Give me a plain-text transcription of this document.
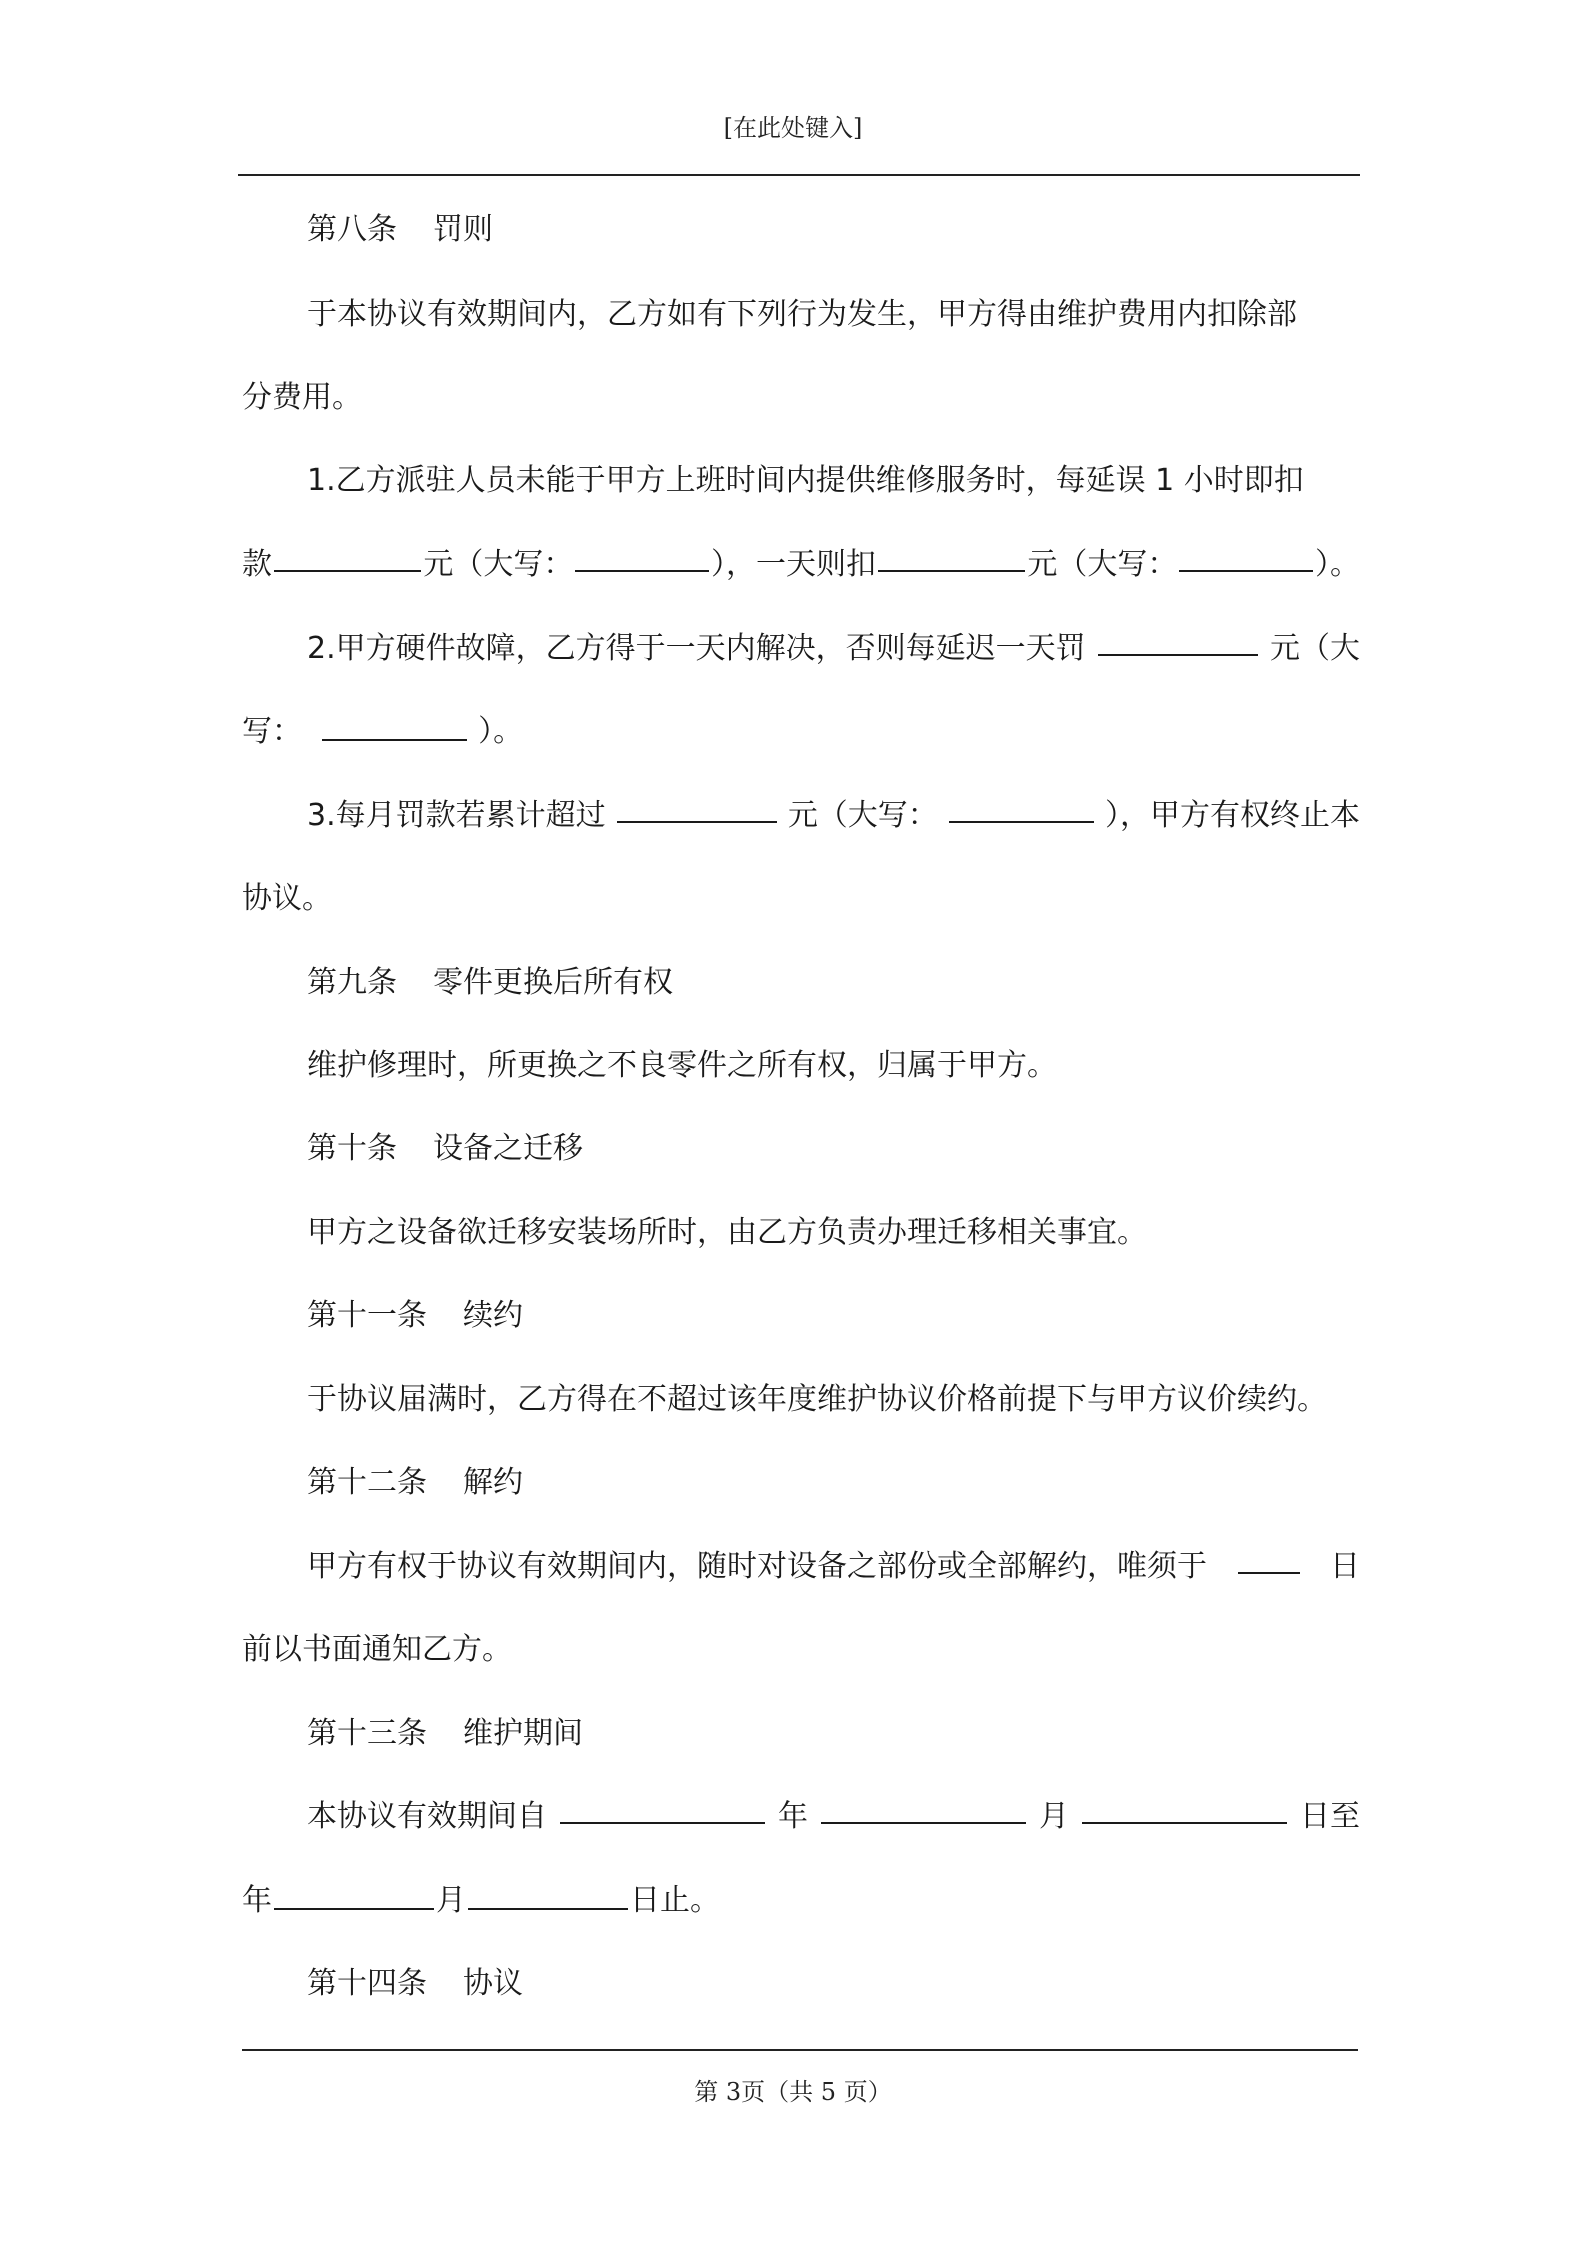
[在此处键入]
第八条 罚则
于本协议有效期间内，乙方如有下列行为发生，甲方得由维护费用内扣除部
分费用。
1.乙方派驻人员未能于甲方上班时间内提供维修服务时，每延误 1 小时即扣
款	元（大写：	），一天则扣	元（大写：	）。
2.甲方硬件故障，乙方得于一天内解决，否则每延迟一天罚	元（大
写：	）。
3.每月罚款若累计超过	元（大写：	），甲方有权终止本
协议。
第九条 零件更换后所有权
维护修理时，所更换之不良零件之所有权，归属于甲方。
第十条 设备之迁移
甲方之设备欲迁移安装场所时，由乙方负责办理迁移相关事宜。
第十一条 续约
于协议届满时，乙方得在不超过该年度维护协议价格前提下与甲方议价续约。
第十二条 解约
甲方有权于协议有效期间内，随时对设备之部份或全部解约，唯须于	日
前以书面通知乙方。
第十三条 维护期间
本协议有效期间自	年	月	日至
年	月	日止。
第十四条 协议
第 3页（共 5 页）
